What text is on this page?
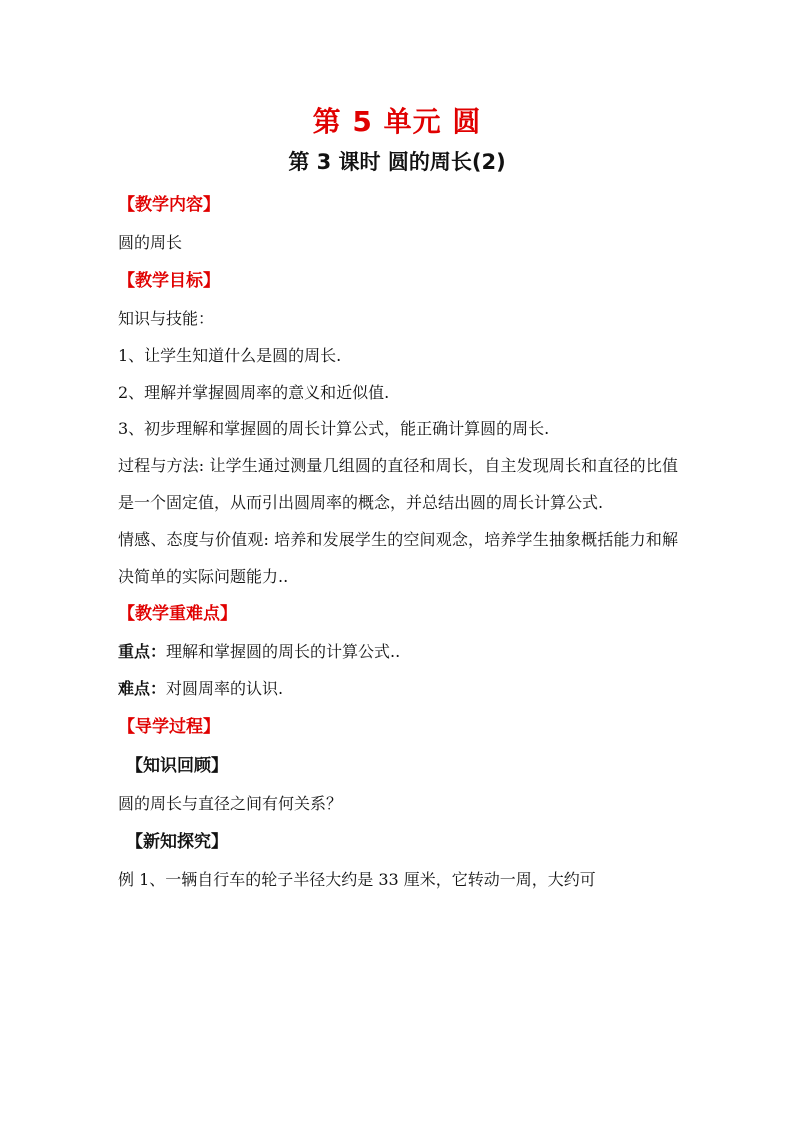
第 5 单元 圆
第 3 课时 圆的周长(2)

【教学内容】

圆的周长

【教学目标】

知识与技能：

1、让学生知道什么是圆的周长.

2、理解并掌握圆周率的意义和近似值.

3、初步理解和掌握圆的周长计算公式，能正确计算圆的周长.

过程与方法: 让学生通过测量几组圆的直径和周长，自主发现周长和直径的比值是一个固定值，从而引出圆周率的概念，并总结出圆的周长计算公式.

情感、态度与价值观: 培养和发展学生的空间观念，培养学生抽象概括能力和解决简单的实际问题能力..

【教学重难点】

重点：理解和掌握圆的周长的计算公式..

难点：对圆周率的认识.

【导学过程】

【知识回顾】

圆的周长与直径之间有何关系？

【新知探究】

例 1、一辆自行车的轮子半径大约是 33 厘米，它转动一周，大约可
